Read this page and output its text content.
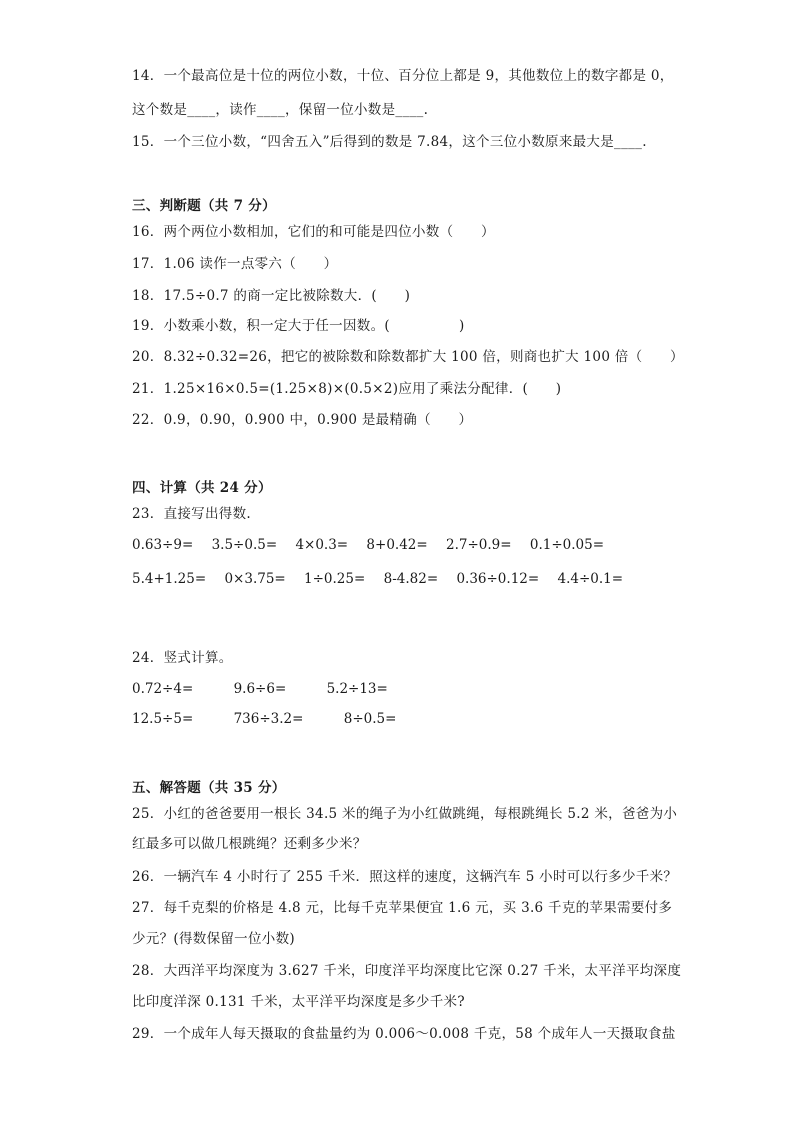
14．一个最高位是十位的两位小数，十位、百分位上都是 9，其他数位上的数字都是 0，
这个数是____，读作____，保留一位小数是____.
15．一个三位小数，“四舍五入”后得到的数是 7.84，这个三位小数原来最大是____.
三、判断题（共 7 分）
16．两个两位小数相加，它们的和可能是四位小数（　　）
17．1.06 读作一点零六（　　）
18．17.5÷0.7 的商一定比被除数大．(　　)
19．小数乘小数，积一定大于任一因数。(　　　　　)
20．8.32÷0.32=26，把它的被除数和除数都扩大 100 倍，则商也扩大 100 倍（　　）
21．1.25×16×0.5=(1.25×8)×(0.5×2)应用了乘法分配律．(　　)
22．0.9，0.90，0.900 中，0.900 是最精确（　　）
四、计算（共 24 分）
23．直接写出得数.
0.63÷9= 3.5÷0.5= 4×0.3= 8+0.42= 2.7÷0.9= 0.1÷0.05=
5.4+1.25= 0×3.75= 1÷0.25= 8-4.82= 0.36÷0.12= 4.4÷0.1=
24．竖式计算。
0.72÷4=	9.6÷6=	5.2÷13=
12.5÷5=	736÷3.2=	8÷0.5=
五、解答题（共 35 分）
25．小红的爸爸要用一根长 34.5 米的绳子为小红做跳绳，每根跳绳长 5.2 米，爸爸为小
红最多可以做几根跳绳？还剩多少米？
26．一辆汽车 4 小时行了 255 千米．照这样的速度，这辆汽车 5 小时可以行多少千米？
27．每千克梨的价格是 4.8 元，比每千克苹果便宜 1.6 元，买 3.6 千克的苹果需要付多
少元？(得数保留一位小数)
28．大西洋平均深度为 3.627 千米，印度洋平均深度比它深 0.27 千米，太平洋平均深度
比印度洋深 0.131 千米，太平洋平均深度是多少千米?
29．一个成年人每天摄取的食盐量约为 0.006～0.008 千克，58 个成年人一天摄取食盐
